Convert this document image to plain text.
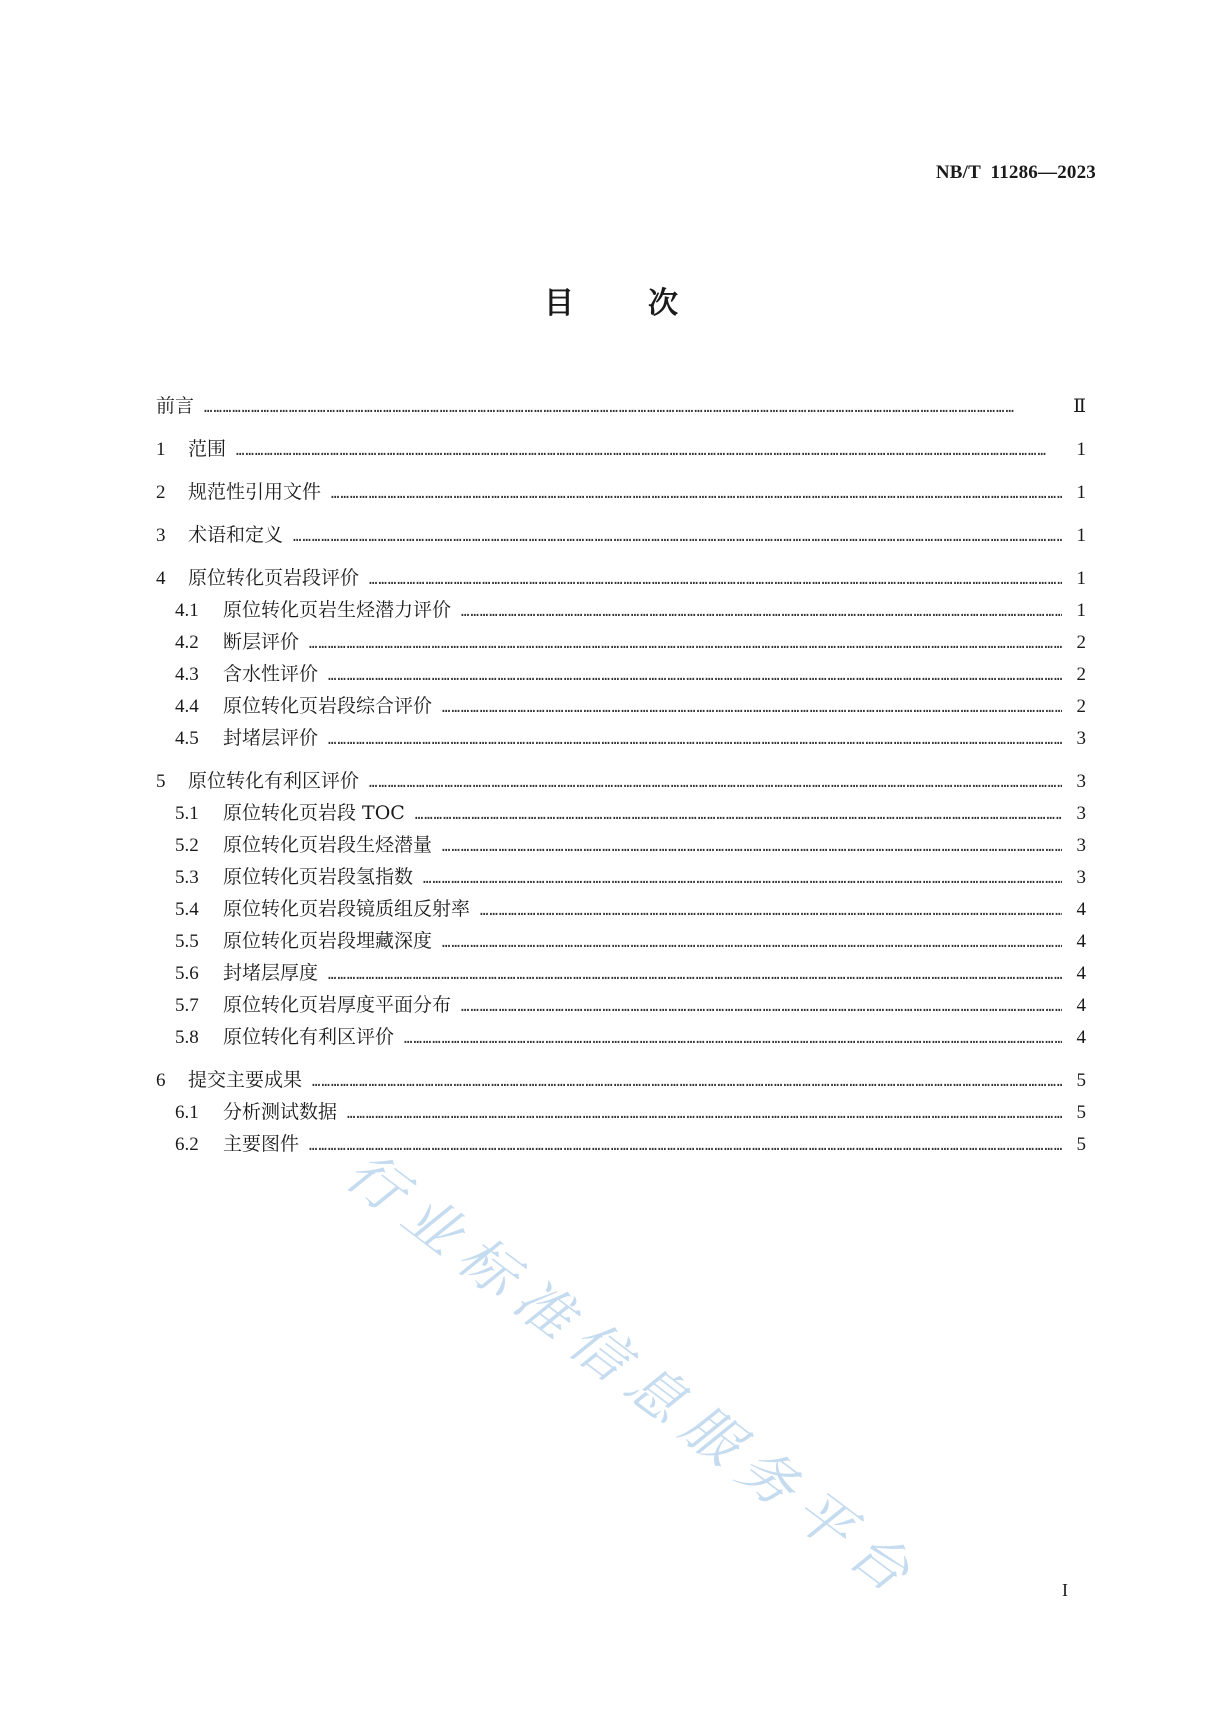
NB/T  11286—2023
目 次
前言 ……………………………………………………………………………………………………………………………………………………………………………………………………………………………………	Ⅱ
1	范围 ……………………………………………………………………………………………………………………………………………………………………………………………………………………………………	1
2	规范性引用文件 ……………………………………………………………………………………………………………………………………………………………………………………………………………………………………	1
3	术语和定义 ……………………………………………………………………………………………………………………………………………………………………………………………………………………………………	1
4	原位转化页岩段评价 ……………………………………………………………………………………………………………………………………………………………………………………………………………………………………	1
4.1	原位转化页岩生烃潜力评价 ……………………………………………………………………………………………………………………………………………………………………………………………………………………………………	1
4.2	断层评价 ……………………………………………………………………………………………………………………………………………………………………………………………………………………………………	2
4.3	含水性评价 ……………………………………………………………………………………………………………………………………………………………………………………………………………………………………	2
4.4	原位转化页岩段综合评价 ……………………………………………………………………………………………………………………………………………………………………………………………………………………………………	2
4.5	封堵层评价 ……………………………………………………………………………………………………………………………………………………………………………………………………………………………………	3
5	原位转化有利区评价 ……………………………………………………………………………………………………………………………………………………………………………………………………………………………………	3
5.1	原位转化页岩段 TOC ……………………………………………………………………………………………………………………………………………………………………………………………………………………………………	3
5.2	原位转化页岩段生烃潜量 ……………………………………………………………………………………………………………………………………………………………………………………………………………………………………	3
5.3	原位转化页岩段氢指数 ……………………………………………………………………………………………………………………………………………………………………………………………………………………………………	3
5.4	原位转化页岩段镜质组反射率 ……………………………………………………………………………………………………………………………………………………………………………………………………………………………………	4
5.5	原位转化页岩段埋藏深度 ……………………………………………………………………………………………………………………………………………………………………………………………………………………………………	4
5.6	封堵层厚度 ……………………………………………………………………………………………………………………………………………………………………………………………………………………………………	4
5.7	原位转化页岩厚度平面分布 ……………………………………………………………………………………………………………………………………………………………………………………………………………………………………	4
5.8	原位转化有利区评价 ……………………………………………………………………………………………………………………………………………………………………………………………………………………………………	4
6	提交主要成果 ……………………………………………………………………………………………………………………………………………………………………………………………………………………………………	5
6.1	分析测试数据 ……………………………………………………………………………………………………………………………………………………………………………………………………………………………………	5
6.2	主要图件 ……………………………………………………………………………………………………………………………………………………………………………………………………………………………………	5
行业标准信息服务平台	I
